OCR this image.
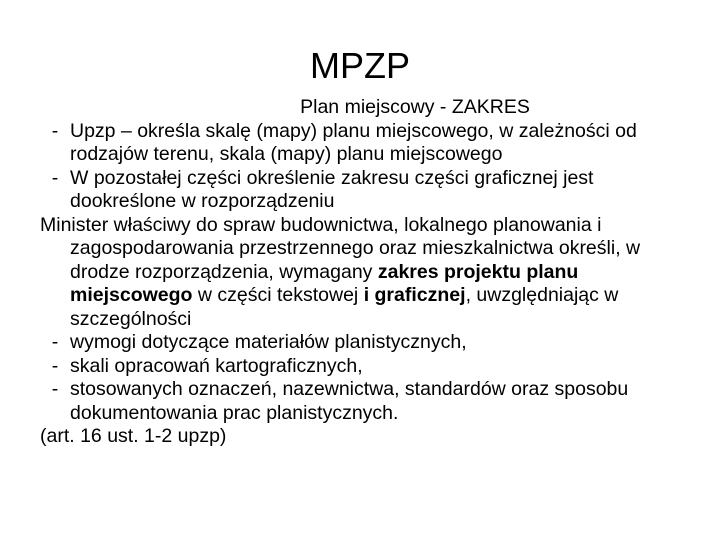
MPZP
Plan miejscowy - ZAKRES
- Upzp – określa skalę (mapy) planu miejscowego, w zależności od rodzajów terenu, skala (mapy) planu miejscowego
- W pozostałej części określenie zakresu części graficznej jest dookreślone w rozporządzeniu
Minister właściwy do spraw budownictwa, lokalnego planowania i zagospodarowania przestrzennego oraz mieszkalnictwa określi, w drodze rozporządzenia, wymagany zakres projektu planu miejscowego w części tekstowej i graficznej, uwzględniając w szczególności
- wymogi dotyczące materiałów planistycznych,
- skali opracowań kartograficznych,
- stosowanych oznaczeń, nazewnictwa, standardów oraz sposobu dokumentowania prac planistycznych.
(art. 16 ust. 1-2 upzp)
